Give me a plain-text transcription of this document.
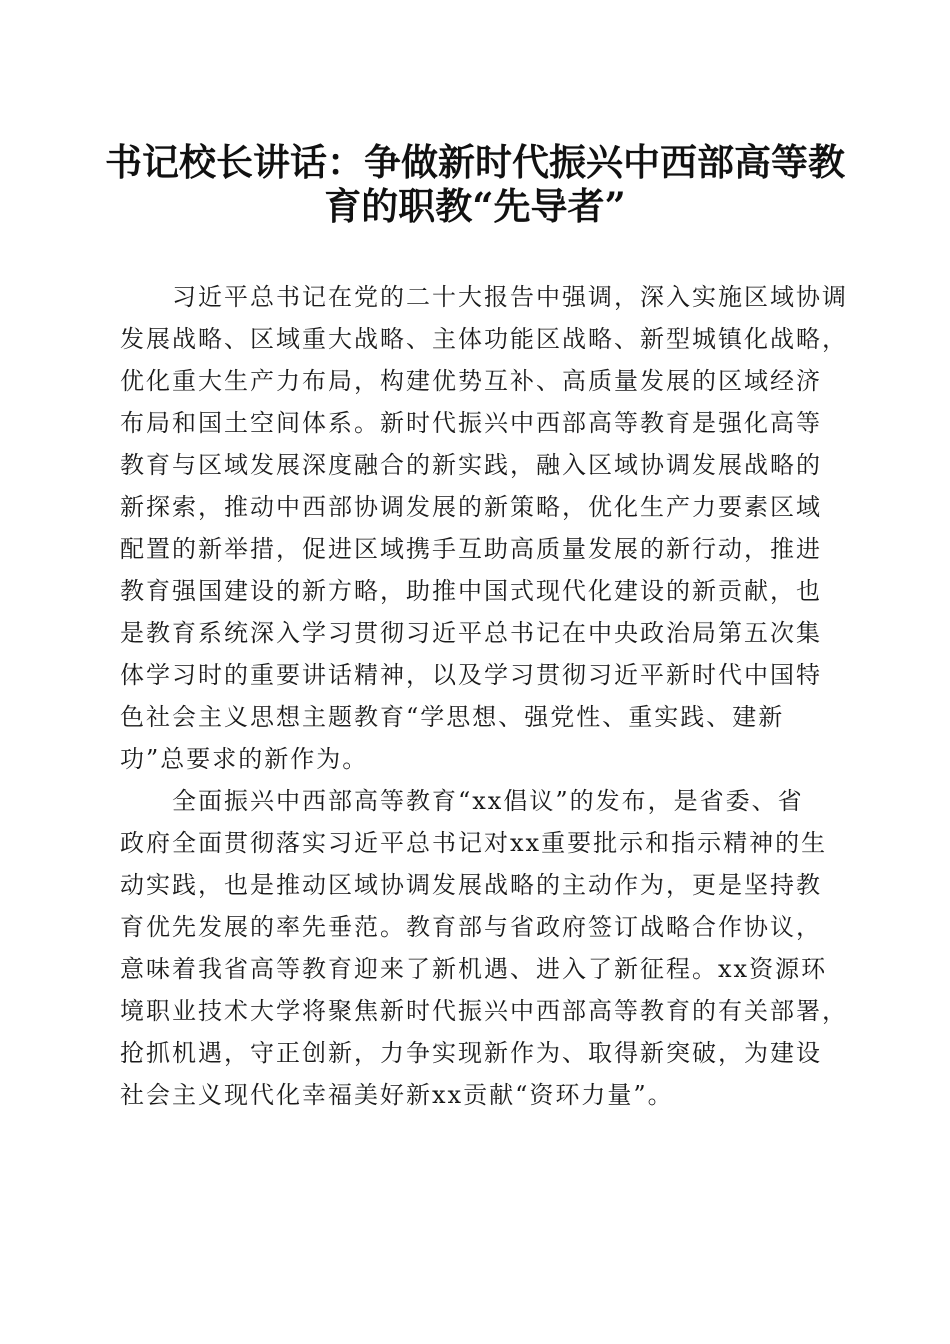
书记校长讲话：争做新时代振兴中西部高等教
育的职教“先导者”

　　习近平总书记在党的二十大报告中强调，深入实施区域协调
发展战略、区域重大战略、主体功能区战略、新型城镇化战略，
优化重大生产力布局，构建优势互补、高质量发展的区域经济
布局和国土空间体系。新时代振兴中西部高等教育是强化高等
教育与区域发展深度融合的新实践，融入区域协调发展战略的
新探索，推动中西部协调发展的新策略，优化生产力要素区域
配置的新举措，促进区域携手互助高质量发展的新行动，推进
教育强国建设的新方略，助推中国式现代化建设的新贡献，也
是教育系统深入学习贯彻习近平总书记在中央政治局第五次集
体学习时的重要讲话精神，以及学习贯彻习近平新时代中国特
色社会主义思想主题教育“学思想、强党性、重实践、建新
功”总要求的新作为。

　　全面振兴中西部高等教育“xx倡议”的发布，是省委、省
政府全面贯彻落实习近平总书记对xx重要批示和指示精神的生
动实践，也是推动区域协调发展战略的主动作为，更是坚持教
育优先发展的率先垂范。教育部与省政府签订战略合作协议，
意味着我省高等教育迎来了新机遇、进入了新征程。xx资源环
境职业技术大学将聚焦新时代振兴中西部高等教育的有关部署，
抢抓机遇，守正创新，力争实现新作为、取得新突破，为建设
社会主义现代化幸福美好新xx贡献“资环力量”。
